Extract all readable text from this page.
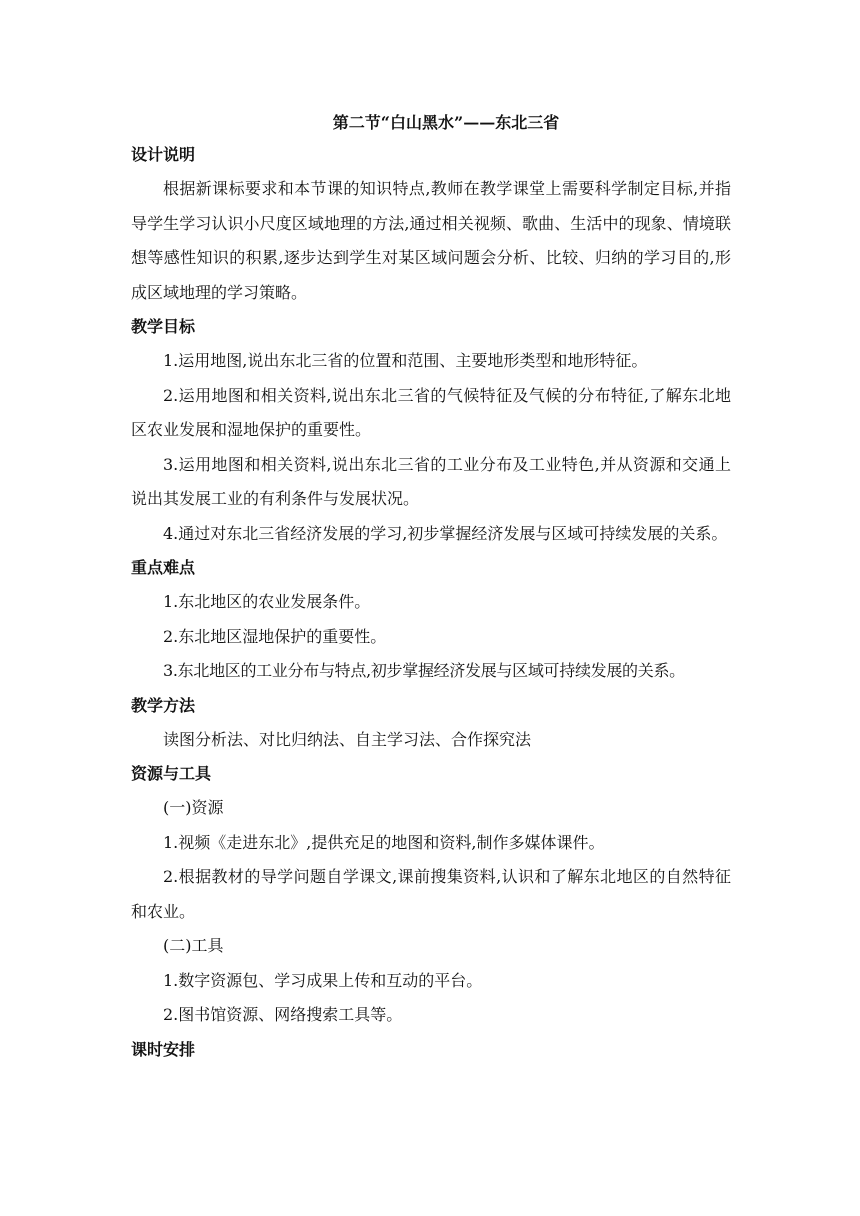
第二节“白山黑水”——东北三省
设计说明
根据新课标要求和本节课的知识特点,教师在教学课堂上需要科学制定目标,并指导学生学习认识小尺度区域地理的方法,通过相关视频、歌曲、生活中的现象、情境联想等感性知识的积累,逐步达到学生对某区域问题会分析、比较、归纳的学习目的,形成区域地理的学习策略。
教学目标
1.运用地图,说出东北三省的位置和范围、主要地形类型和地形特征。
2.运用地图和相关资料,说出东北三省的气候特征及气候的分布特征,了解东北地区农业发展和湿地保护的重要性。
3.运用地图和相关资料,说出东北三省的工业分布及工业特色,并从资源和交通上说出其发展工业的有利条件与发展状况。
4.通过对东北三省经济发展的学习,初步掌握经济发展与区域可持续发展的关系。
重点难点
1.东北地区的农业发展条件。
2.东北地区湿地保护的重要性。
3.东北地区的工业分布与特点,初步掌握经济发展与区域可持续发展的关系。
教学方法
读图分析法、对比归纳法、自主学习法、合作探究法
资源与工具
(一)资源
1.视频《走进东北》,提供充足的地图和资料,制作多媒体课件。
2.根据教材的导学问题自学课文,课前搜集资料,认识和了解东北地区的自然特征和农业。
(二)工具
1.数字资源包、学习成果上传和互动的平台。
2.图书馆资源、网络搜索工具等。
课时安排
